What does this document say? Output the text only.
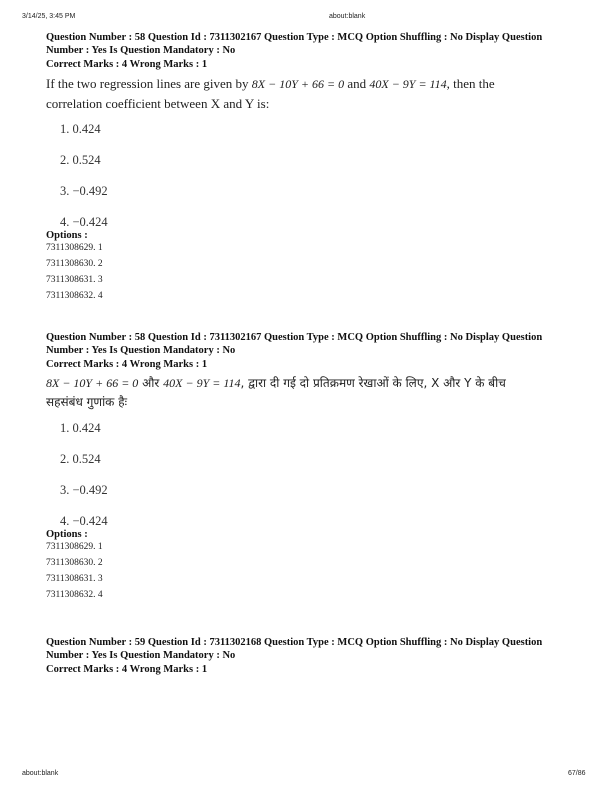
3/14/25, 3:45 PM	about:blank
Question Number : 58 Question Id : 7311302167 Question Type : MCQ Option Shuffling : No Display Question
Number : Yes Is Question Mandatory : No
Correct Marks : 4 Wrong Marks : 1
If the two regression lines are given by 8X − 10Y + 66 = 0 and 40X − 9Y = 114, then the
correlation coefficient between X and Y is:
1. 0.424
2. 0.524
3. −0.492
4. −0.424
Options :
7311308629. 1
7311308630. 2
7311308631. 3
7311308632. 4
Question Number : 58 Question Id : 7311302167 Question Type : MCQ Option Shuffling : No Display Question
Number : Yes Is Question Mandatory : No
Correct Marks : 4 Wrong Marks : 1
8X − 10Y + 66 = 0 और 40X − 9Y = 114, द्वारा दी गई दो प्रतिक्रमण रेखाओं के लिए, X और Y के बीच
सहसंबंध गुणांक हैः
1. 0.424
2. 0.524
3. −0.492
4. −0.424
Options :
7311308629. 1
7311308630. 2
7311308631. 3
7311308632. 4
Question Number : 59 Question Id : 7311302168 Question Type : MCQ Option Shuffling : No Display Question
Number : Yes Is Question Mandatory : No
Correct Marks : 4 Wrong Marks : 1
about:blank	67/86
